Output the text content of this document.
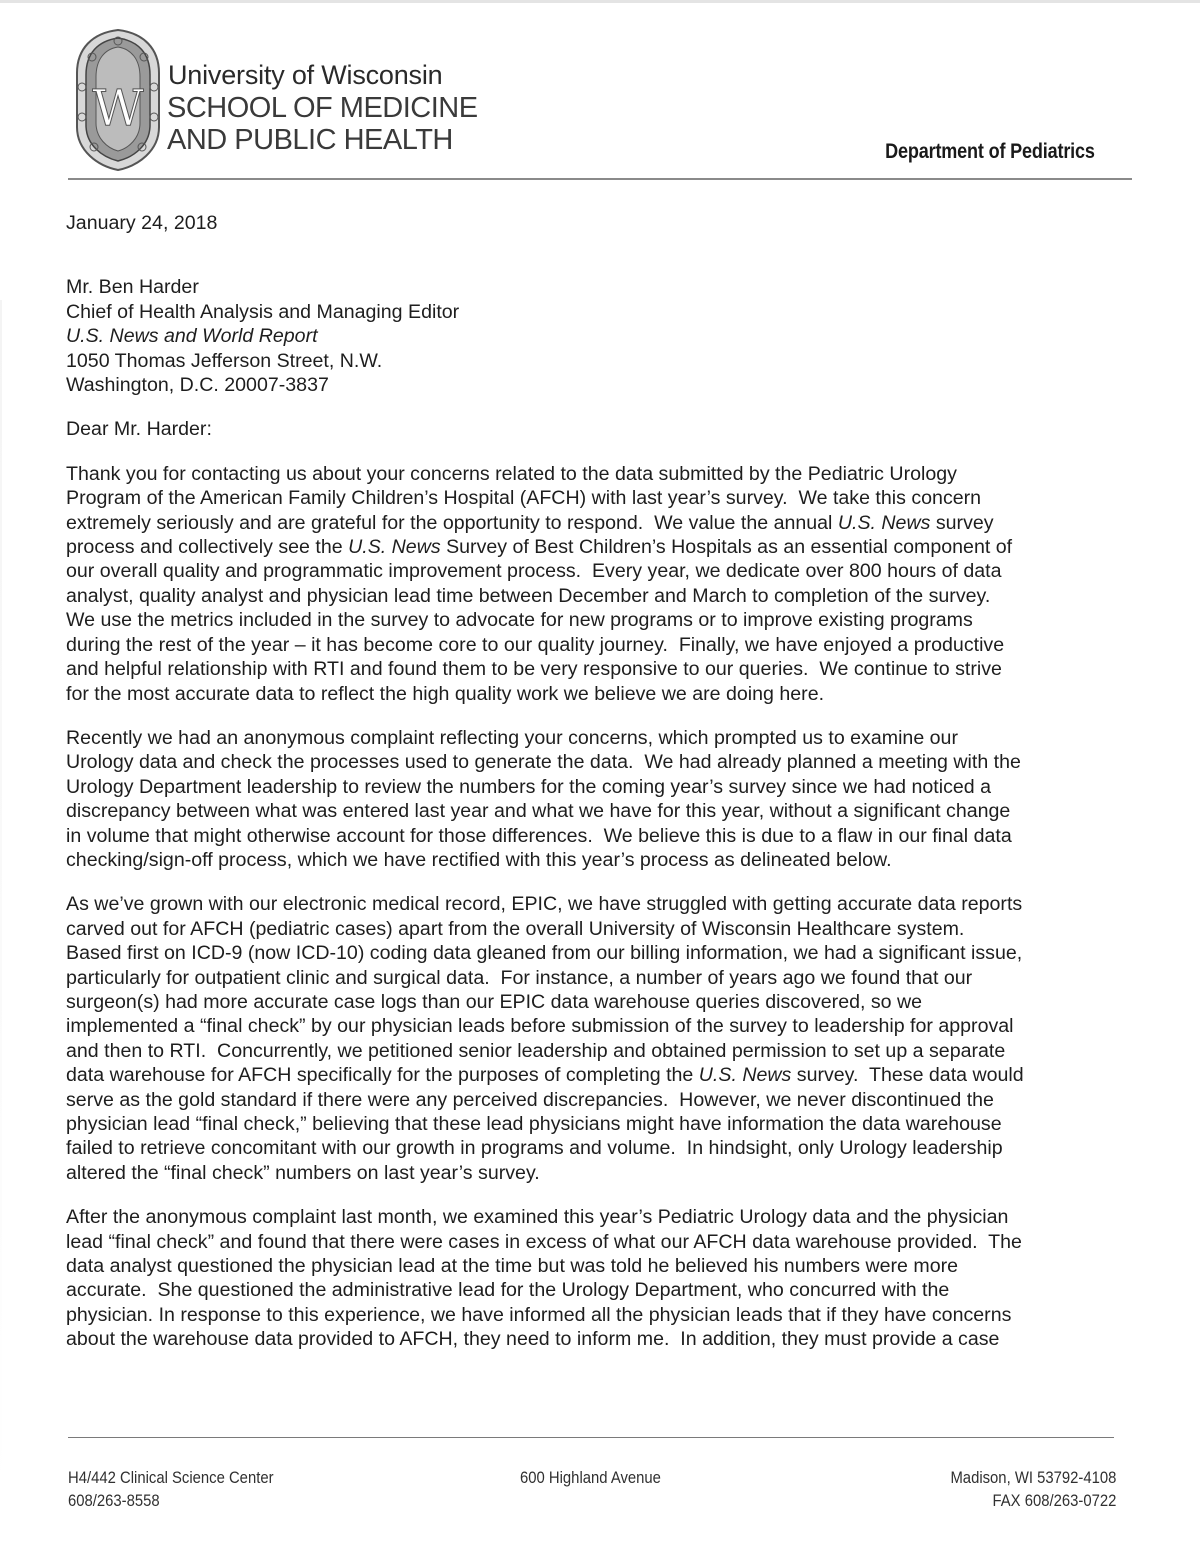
W
University of Wisconsin
SCHOOL OF MEDICINE
AND PUBLIC HEALTH	Department of Pediatrics

January 24, 2018

Mr. Ben Harder
Chief of Health Analysis and Managing Editor
U.S. News and World Report
1050 Thomas Jefferson Street, N.W.
Washington, D.C. 20007-3837

Dear Mr. Harder:

Thank you for contacting us about your concerns related to the data submitted by the Pediatric Urology
Program of the American Family Children’s Hospital (AFCH) with last year’s survey.  We take this concern
extremely seriously and are grateful for the opportunity to respond.  We value the annual U.S. News survey
process and collectively see the U.S. News Survey of Best Children’s Hospitals as an essential component of
our overall quality and programmatic improvement process.  Every year, we dedicate over 800 hours of data
analyst, quality analyst and physician lead time between December and March to completion of the survey.
We use the metrics included in the survey to advocate for new programs or to improve existing programs
during the rest of the year – it has become core to our quality journey.  Finally, we have enjoyed a productive
and helpful relationship with RTI and found them to be very responsive to our queries.  We continue to strive
for the most accurate data to reflect the high quality work we believe we are doing here.

Recently we had an anonymous complaint reflecting your concerns, which prompted us to examine our
Urology data and check the processes used to generate the data.  We had already planned a meeting with the
Urology Department leadership to review the numbers for the coming year’s survey since we had noticed a
discrepancy between what was entered last year and what we have for this year, without a significant change
in volume that might otherwise account for those differences.  We believe this is due to a flaw in our final data
checking/sign-off process, which we have rectified with this year’s process as delineated below.

As we’ve grown with our electronic medical record, EPIC, we have struggled with getting accurate data reports
carved out for AFCH (pediatric cases) apart from the overall University of Wisconsin Healthcare system.
Based first on ICD-9 (now ICD-10) coding data gleaned from our billing information, we had a significant issue,
particularly for outpatient clinic and surgical data.  For instance, a number of years ago we found that our
surgeon(s) had more accurate case logs than our EPIC data warehouse queries discovered, so we
implemented a “final check” by our physician leads before submission of the survey to leadership for approval
and then to RTI.  Concurrently, we petitioned senior leadership and obtained permission to set up a separate
data warehouse for AFCH specifically for the purposes of completing the U.S. News survey.  These data would
serve as the gold standard if there were any perceived discrepancies.  However, we never discontinued the
physician lead “final check,” believing that these lead physicians might have information the data warehouse
failed to retrieve concomitant with our growth in programs and volume.  In hindsight, only Urology leadership
altered the “final check” numbers on last year’s survey.

After the anonymous complaint last month, we examined this year’s Pediatric Urology data and the physician
lead “final check” and found that there were cases in excess of what our AFCH data warehouse provided.  The
data analyst questioned the physician lead at the time but was told he believed his numbers were more
accurate.  She questioned the administrative lead for the Urology Department, who concurred with the
physician. In response to this experience, we have informed all the physician leads that if they have concerns
about the warehouse data provided to AFCH, they need to inform me.  In addition, they must provide a case

H4/442 Clinical Science Center
608/263-8558
600 Highland Avenue	Madison, WI 53792-4108
FAX 608/263-0722
